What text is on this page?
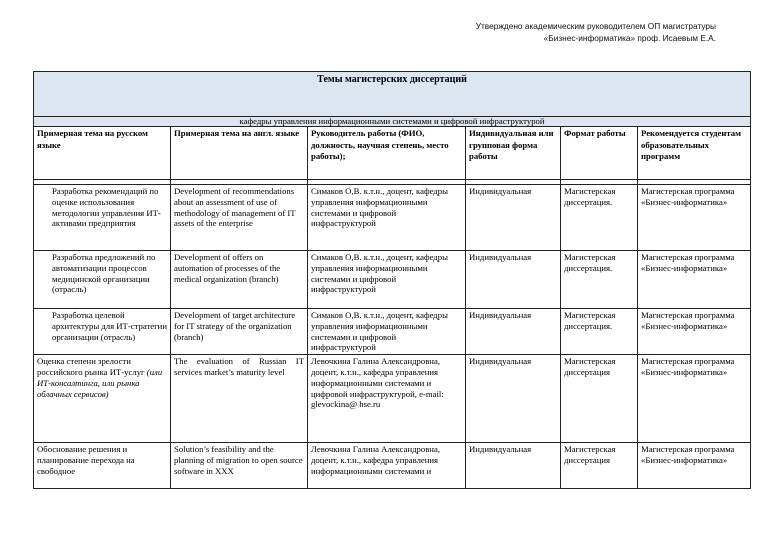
Утверждено академическим руководителем ОП магистратуры
«Бизнес-информатика» проф. Исаевым Е.А.
Темы магистерских диссертаций					
кафедры управления информационными системами и цифровой инфраструктурой					
Примерная тема на русском языке	Примерная тема на англ. языке	Руководитель работы (ФИО, должность, научная степень, место работы);	Индивидуальная или групповая форма работы	Формат работы	Рекомендуется студентам образовательных программ

Разработка рекомендаций по оценке использования методологии управления ИТ-активами предприятия	Development of recommendations about an assessment of use of methodology of management of IT assets of the enterprise	Симаков О,В. к.т.н., доцент, кафедры управления информационными системами и цифровой инфраструктурой	Индивидуальная	Магистерская диссертация.	Магистерская программа «Бизнес-информатика»
Разработка предложений по автоматизации процессов медицинской организации (отрасль)	Development of offers on automation of processes of the medical organization (branch)	Симаков О,В. к.т.н., доцент, кафедры управления информационными системами и цифровой инфраструктурой	Индивидуальная	Магистерская диссертация.	Магистерская программа «Бизнес-информатика»
Разработка целевой архитектуры для ИТ-стратегии организации (отрасль)	Development of target architecture for IT strategy of the organization (branch)	Симаков О,В. к.т.н., доцент, кафедры управления информационными системами и цифровой инфраструктурой	Индивидуальная	Магистерская диссертация.	Магистерская программа «Бизнес-информатика»
Оценка степени зрелости российского рынка ИТ-услуг (или ИТ-консалтинга, или рынка облачных сервисов)	The evaluation of Russian IT services market’s maturity level	Левочкина Галина Александровна, доцент, к.т.н., кафедра управления информационными системами и цифровой инфраструктурой, e-mail: glevockina@ hse.ru	Индивидуальная	Магистерская диссертация	Магистерская программа «Бизнес-информатика»
Обоснование решения и планирование перехода на свободное	Solution’s feasibility and the planning of migration to open source software in XXX	Левочкина Галина Александровна, доцент, к.т.н., кафедра управления информационными системами и	Индивидуальная	Магистерская диссертация	Магистерская программа «Бизнес-информатика»
